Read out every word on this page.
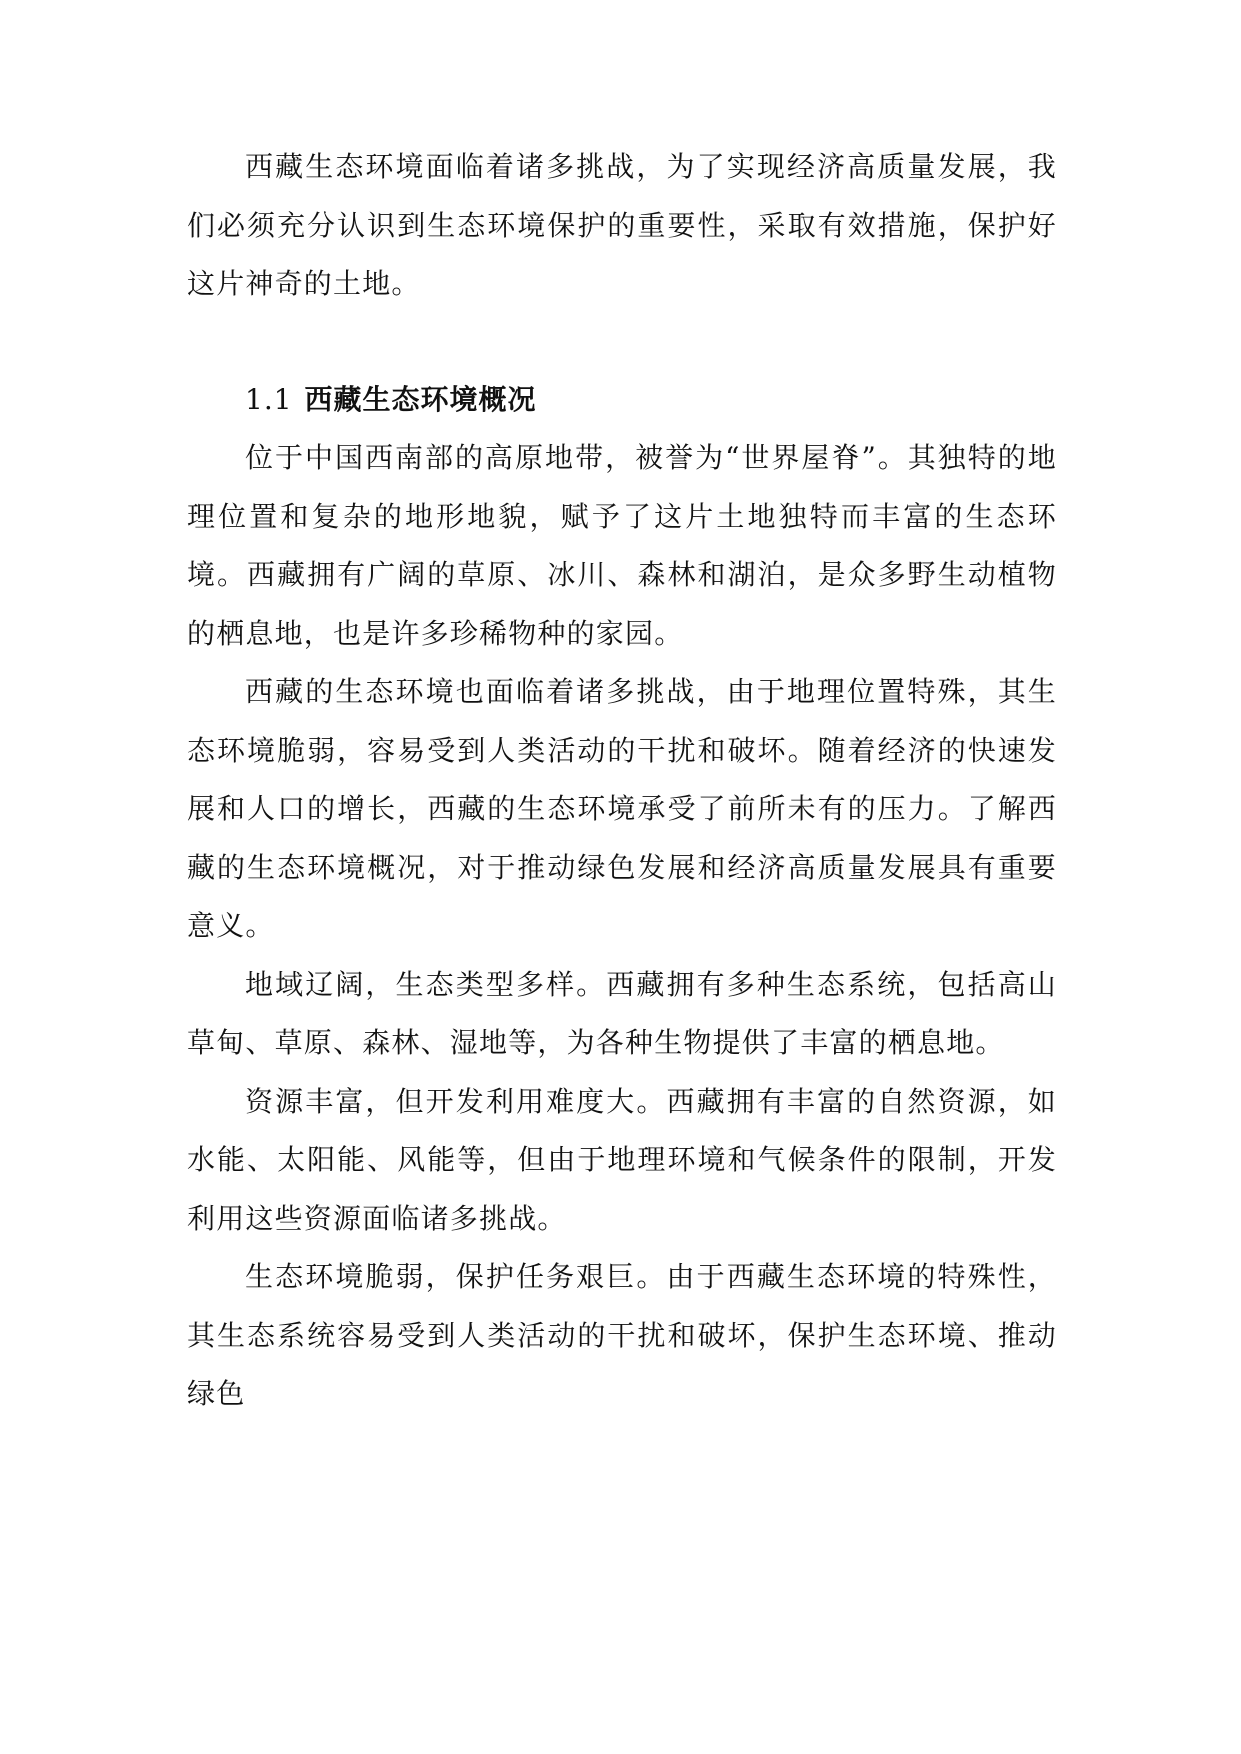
西藏生态环境面临着诸多挑战，为了实现经济高质量发展，我们必须充分认识到生态环境保护的重要性，采取有效措施，保护好这片神奇的土地。

1.1 西藏生态环境概况

位于中国西南部的高原地带，被誉为“世界屋脊”。其独特的地理位置和复杂的地形地貌，赋予了这片土地独特而丰富的生态环境。西藏拥有广阔的草原、冰川、森林和湖泊，是众多野生动植物的栖息地，也是许多珍稀物种的家园。

西藏的生态环境也面临着诸多挑战，由于地理位置特殊，其生态环境脆弱，容易受到人类活动的干扰和破坏。随着经济的快速发展和人口的增长，西藏的生态环境承受了前所未有的压力。了解西藏的生态环境概况，对于推动绿色发展和经济高质量发展具有重要意义。

地域辽阔，生态类型多样。西藏拥有多种生态系统，包括高山草甸、草原、森林、湿地等，为各种生物提供了丰富的栖息地。

资源丰富，但开发利用难度大。西藏拥有丰富的自然资源，如水能、太阳能、风能等，但由于地理环境和气候条件的限制，开发利用这些资源面临诸多挑战。

生态环境脆弱，保护任务艰巨。由于西藏生态环境的特殊性，其生态系统容易受到人类活动的干扰和破坏，保护生态环境、推动绿色
